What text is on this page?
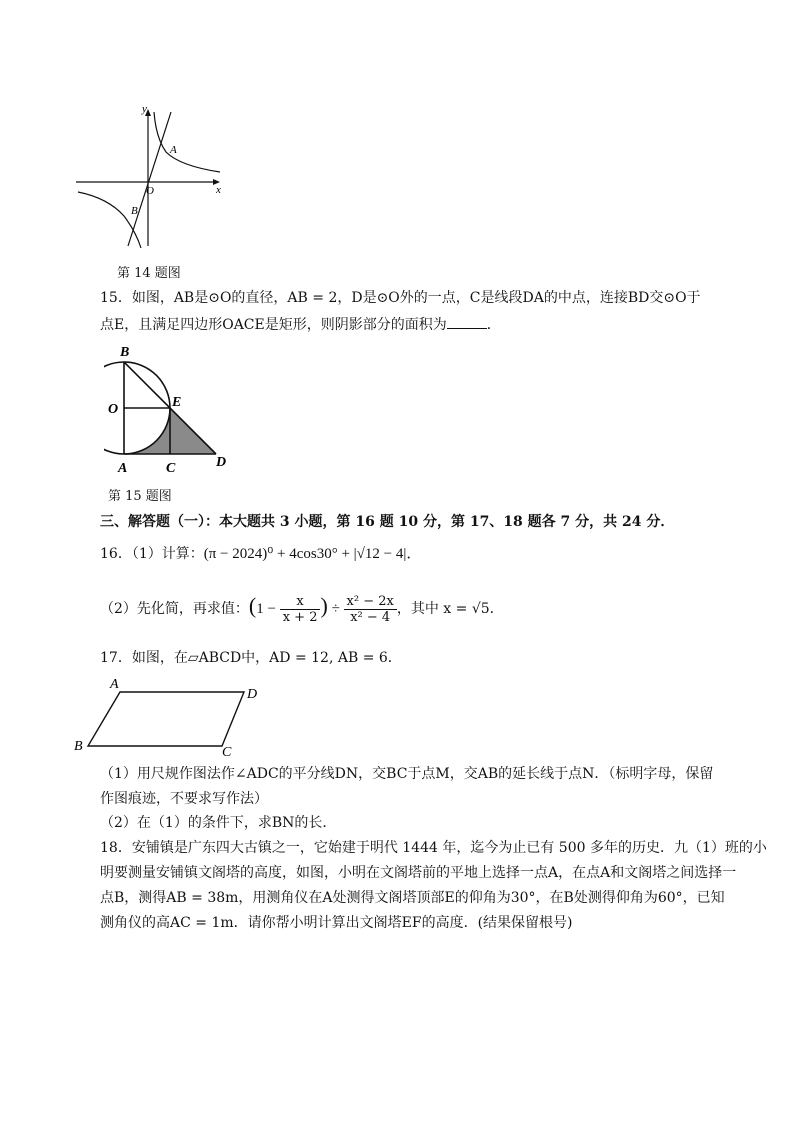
y
x
O
A
B
第 14 题图
15．如图，AB是⊙O的直径，AB = 2，D是⊙O外的一点，C是线段DA的中点，连接BD交⊙O于
点E，且满足四边形OACE是矩形，则阴影部分的面积为	．
B
O	E
A	C	D
第 15 题图
三、解答题（一）：本大题共 3 小题，第 16 题 10 分，第 17、18 题各 7 分，共 24 分．
16．（1）计算：(π − 2024)⁰ + 4cos30° + |√12 − 4|．
（2）先化简，再求值：($1 - \frac{x}{x + 2}$ ) ÷ $\frac{\text{x² − 2x}}{\text{x² − 4}}$ ，其中 x = √5．
17．如图，在▱ABCD中，AD = 12, AB = 6．
A
D
B	C
（1）用尺规作图法作∠ADC的平分线DN，交BC于点M，交AB的延长线于点N．（标明字母，保留
作图痕迹，不要求写作法）
（2）在（1）的条件下，求BN的长．
18．安铺镇是广东四大古镇之一，它始建于明代 1444 年，迄今为止已有 500 多年的历史．九（1）班的小
明要测量安铺镇文阁塔的高度，如图，小明在文阁塔前的平地上选择一点A，在点A和文阁塔之间选择一
点B，测得AB = 38m，用测角仪在A处测得文阁塔顶部E的仰角为30°，在B处测得仰角为60°，已知
测角仪的高AC = 1m．请你帮小明计算出文阁塔EF的高度．(结果保留根号)
